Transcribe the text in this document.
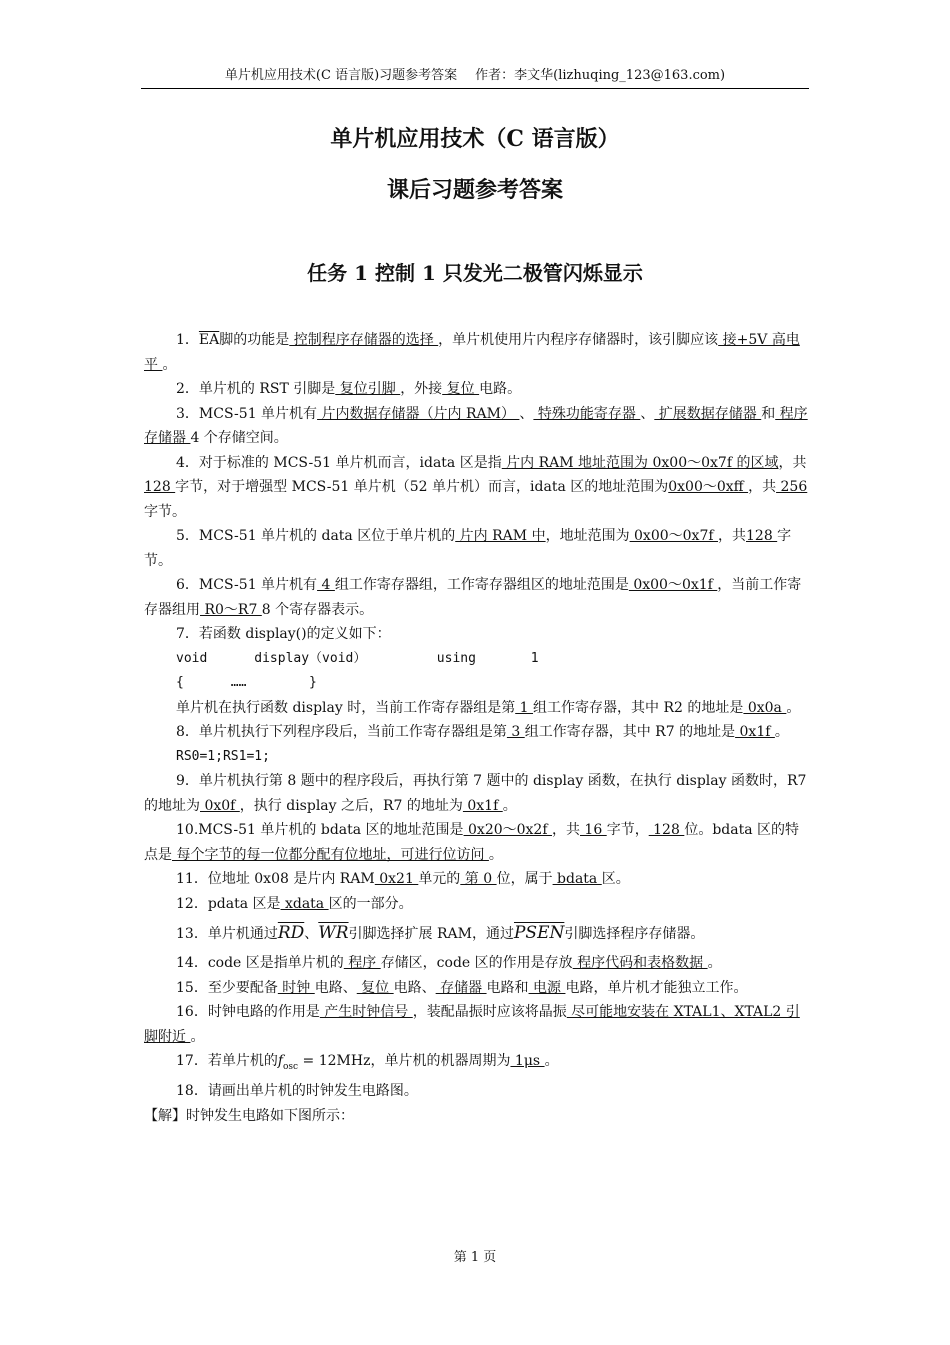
单片机应用技术(C 语言版)习题参考答案 作者：李文华(lizhuqing_123@163.com)
单片机应用技术（C 语言版）
课后习题参考答案
任务 1 控制 1 只发光二极管闪烁显示

1．$\overline{EA}$脚的功能是 控制程序存储器的选择 ，单片机使用片内程序存储器时，该引脚应该 接+5V 高电平 。

2．单片机的 RST 引脚是 复位引脚 ，外接 复位 电路。

3．MCS-51 单片机有 片内数据存储器（片内 RAM） 、 特殊功能寄存器 、 扩展数据存储器 和 程序存储器 4 个存储空间。

4．对于标准的 MCS-51 单片机而言，idata 区是指 片内 RAM 地址范围为 0x00～0x7f 的区域，共 128 字节，对于增强型 MCS-51 单片机（52 单片机）而言，idata 区的地址范围为0x00～0xff ，共 256 字节。

5．MCS-51 单片机的 data 区位于单片机的 片内 RAM 中，地址范围为 0x00～0x7f ，共128 字节。

6．MCS-51 单片机有 4 组工作寄存器组，工作寄存器组区的地址范围是 0x00～0x1f ，当前工作寄存器组用 R0～R7 8 个寄存器表示。

7．若函数 display()的定义如下：

void      display（void）         using       1

{      ……        }

单片机在执行函数 display 时，当前工作寄存器组是第 1 组工作寄存器，其中 R2 的地址是 0x0a 。

8．单片机执行下列程序段后，当前工作寄存器组是第 3 组工作寄存器，其中 R7 的地址是 0x1f 。

RS0=1;RS1=1;

9．单片机执行第 8 题中的程序段后，再执行第 7 题中的 display 函数，在执行 display 函数时，R7 的地址为 0x0f ，执行 display 之后，R7 的地址为 0x1f 。

10.MCS-51 单片机的 bdata 区的地址范围是 0x20～0x2f ，共 16 字节， 128 位。bdata 区的特点是 每个字节的每一位都分配有位地址，可进行位访问 。

11．位地址 0x08 是片内 RAM 0x21 单元的 第 0 位，属于 bdata 区。

12．pdata 区是 xdata 区的一部分。

13．单片机通过$\overline{RD}$、$\overline{WR}$引脚选择扩展 RAM，通过PSEN引脚选择程序存储器。

14．code 区是指单片机的 程序 存储区，code 区的作用是存放 程序代码和表格数据 。

15．至少要配备 时钟 电路、 复位 电路、 存储器 电路和 电源 电路，单片机才能独立工作。

16．时钟电路的作用是 产生时钟信号 ，装配晶振时应该将晶振 尽可能地安装在 XTAL1、XTAL2 引脚附近 。

17．若单片机的$f_{osc} = 12MHz$，单片机的机器周期为 1μs 。

18．请画出单片机的时钟发生电路图。

【解】时钟发生电路如下图所示：

第 1 页
